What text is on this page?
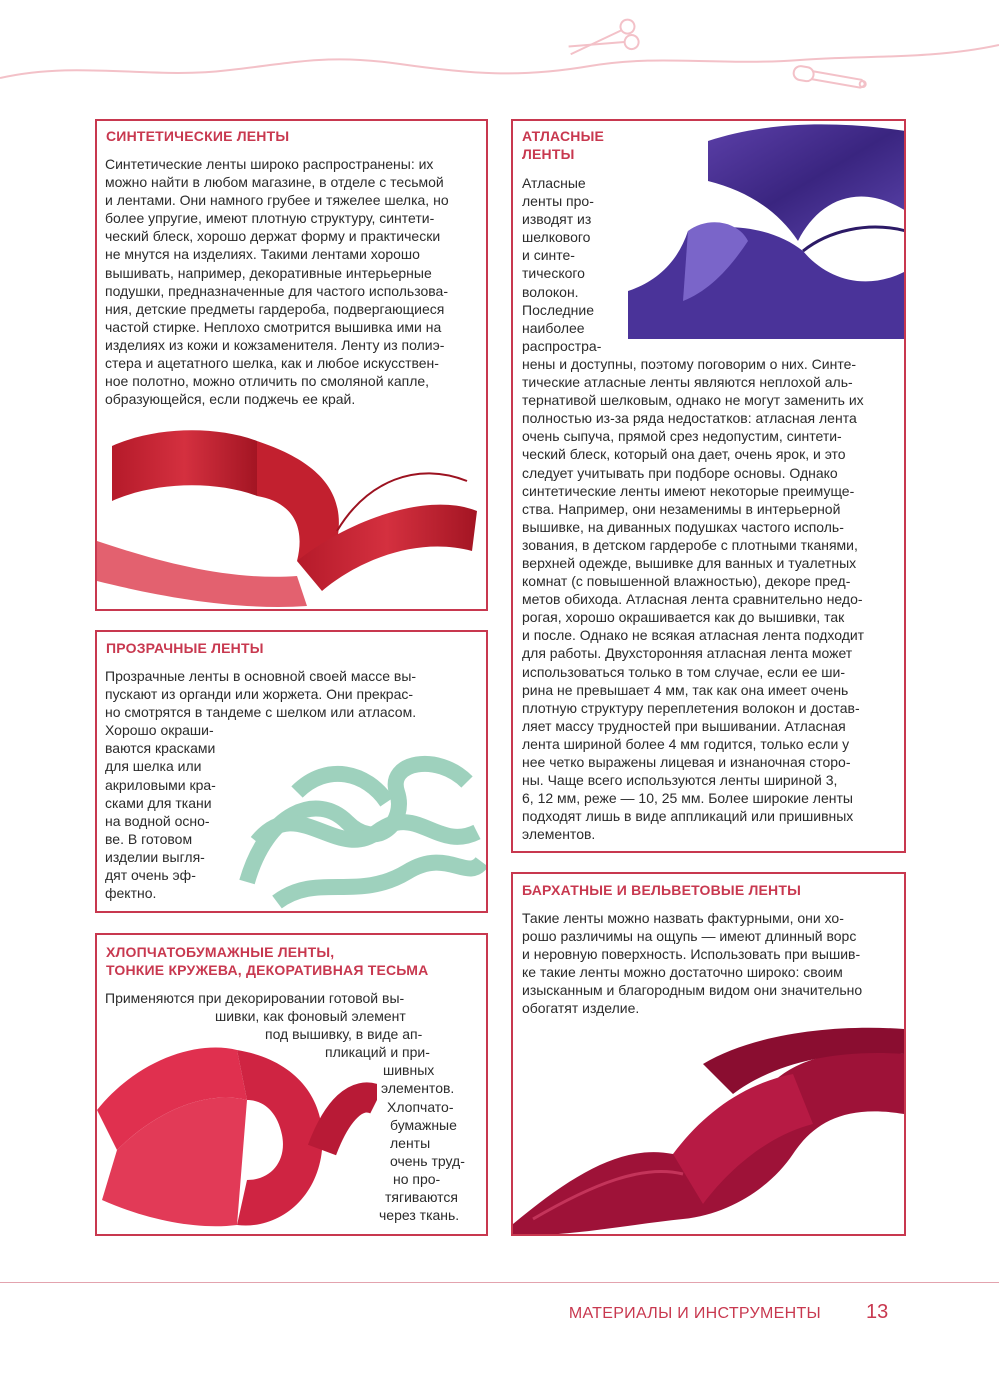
СИНТЕТИЧЕСКИЕ ЛЕНТЫ
Синтетические ленты широко распространены: их
можно найти в любом магазине, в отделе с тесьмой
и лентами. Они намного грубее и тяжелее шелка, но
более упругие, имеют плотную структуру, синтети-
ческий блеск, хорошо держат форму и практически
не мнутся на изделиях. Такими лентами хорошо
вышивать, например, декоративные интерьерные
подушки, предназначенные для частого использова-
ния, детские предметы гардероба, подвергающиеся
частой стирке. Неплохо смотрится вышивка ими на
изделиях из кожи и кожзаменителя. Ленту из полиэ-
стера и ацетатного шелка, как и любое искусствен-
ное полотно, можно отличить по смоляной капле,
образующейся, если поджечь ее край.
ПРОЗРАЧНЫЕ ЛЕНТЫ
Прозрачные ленты в основной своей массе вы-
пускают из органди или жоржета. Они прекрас-
но смотрятся в тандеме с шелком или атласом.
Хорошо окраши-
ваются красками
для шелка или
акриловыми кра-
сками для ткани
на водной осно-
ве. В готовом
изделии выгля-
дят очень эф-
фектно.
ХЛОПЧАТОБУМАЖНЫЕ ЛЕНТЫ,
ТОНКИЕ КРУЖЕВА, ДЕКОРАТИВНАЯ ТЕСЬМА
Применяются при декорировании готовой вы-
шивки, как фоновый элемент
под вышивку, в виде ап-
пликаций и при-
шивных
элементов.
Хлопчато-
бумажные
ленты
очень труд-
но про-
тягиваются
через ткань.
АТЛАСНЫЕ
ЛЕНТЫ
Атласные
ленты про-
изводят из
шелкового
и синте-
тического
волокон.
Последние
наиболее
распростра-
нены и доступны, поэтому поговорим о них. Синте-
тические атласные ленты являются неплохой аль-
тернативой шелковым, однако не могут заменить их
полностью из-за ряда недостатков: атласная лента
очень сыпуча, прямой срез недопустим, синтети-
ческий блеск, который она дает, очень ярок, и это
следует учитывать при подборе основы. Однако
синтетические ленты имеют некоторые преимуще-
ства. Например, они незаменимы в интерьерной
вышивке, на диванных подушках частого исполь-
зования, в детском гардеробе с плотными тканями,
верхней одежде, вышивке для ванных и туалетных
комнат (с повышенной влажностью), декоре пред-
метов обихода. Атласная лента сравнительно недо-
рогая, хорошо окрашивается как до вышивки, так
и после. Однако не всякая атласная лента подходит
для работы. Двухсторонняя атласная лента может
использоваться только в том случае, если ее ши-
рина не превышает 4 мм, так как она имеет очень
плотную структуру переплетения волокон и достав-
ляет массу трудностей при вышивании. Атласная
лента шириной более 4 мм годится, только если у
нее четко выражены лицевая и изнаночная сторо-
ны. Чаще всего используются ленты шириной 3,
6, 12 мм, реже — 10, 25 мм. Более широкие ленты
подходят лишь в виде аппликаций или пришивных
элементов.
БАРХАТНЫЕ И ВЕЛЬВЕТОВЫЕ ЛЕНТЫ
Такие ленты можно назвать фактурными, они хо-
рошо различимы на ощупь — имеют длинный ворс
и неровную поверхность. Использовать при вышив-
ке такие ленты можно достаточно широко: своим
изысканным и благородным видом они значительно
обогатят изделие.
МАТЕРИАЛЫ И ИНСТРУМЕНТЫ 13
